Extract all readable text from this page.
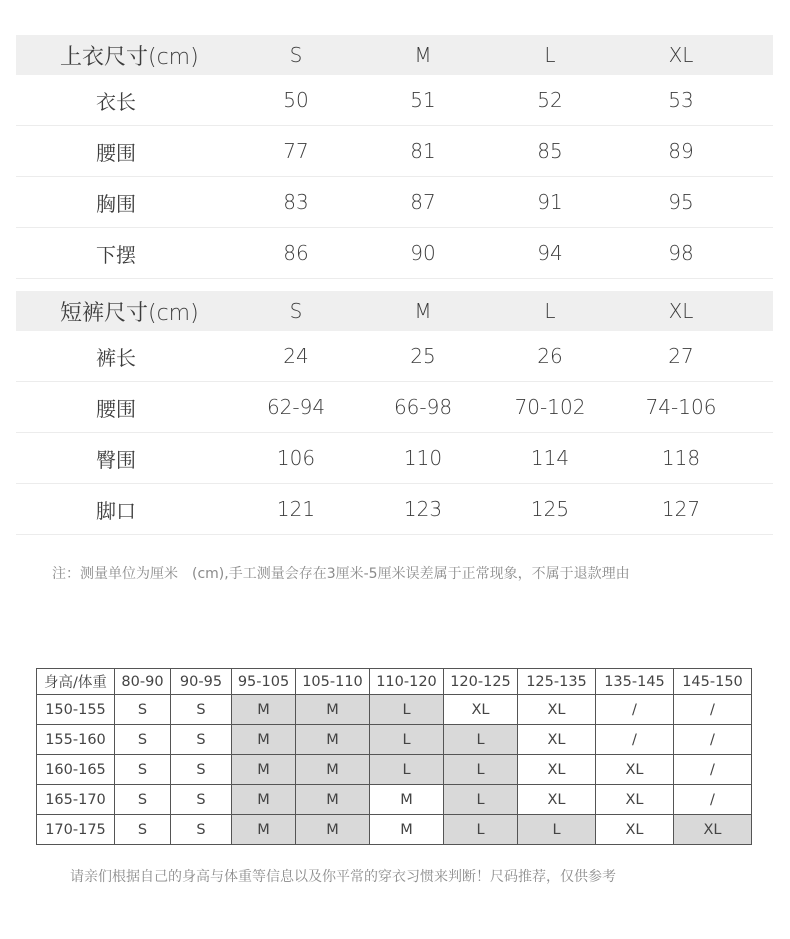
上衣尺寸(cm)	S	M	L	XL
衣长	50	51	52	53
腰围	77	81	85	89
胸围	83	87	91	95
下摆	86	90	94	98
短裤尺寸(cm)	S	M	L	XL
裤长	24	25	26	27
腰围	62-94	66-98	70-102	74-106
臀围	106	110	114	118
脚口	121	123	125	127
注：测量单位为厘米　(cm),手工测量会存在3厘米-5厘米误差属于正常现象，不属于退款理由
身高/体重	80-90	90-95	95-105	105-110	110-120	120-125	125-135	135-145	145-150
150-155	S	S	M	M	L	XL	XL	/	/
155-160	S	S	M	M	L	L	XL	/	/
160-165	S	S	M	M	L	L	XL	XL	/
165-170	S	S	M	M	M	L	XL	XL	/
170-175	S	S	M	M	M	L	L	XL	XL
请亲们根据自己的身高与体重等信息以及你平常的穿衣习惯来判断！尺码推荐，仅供参考
